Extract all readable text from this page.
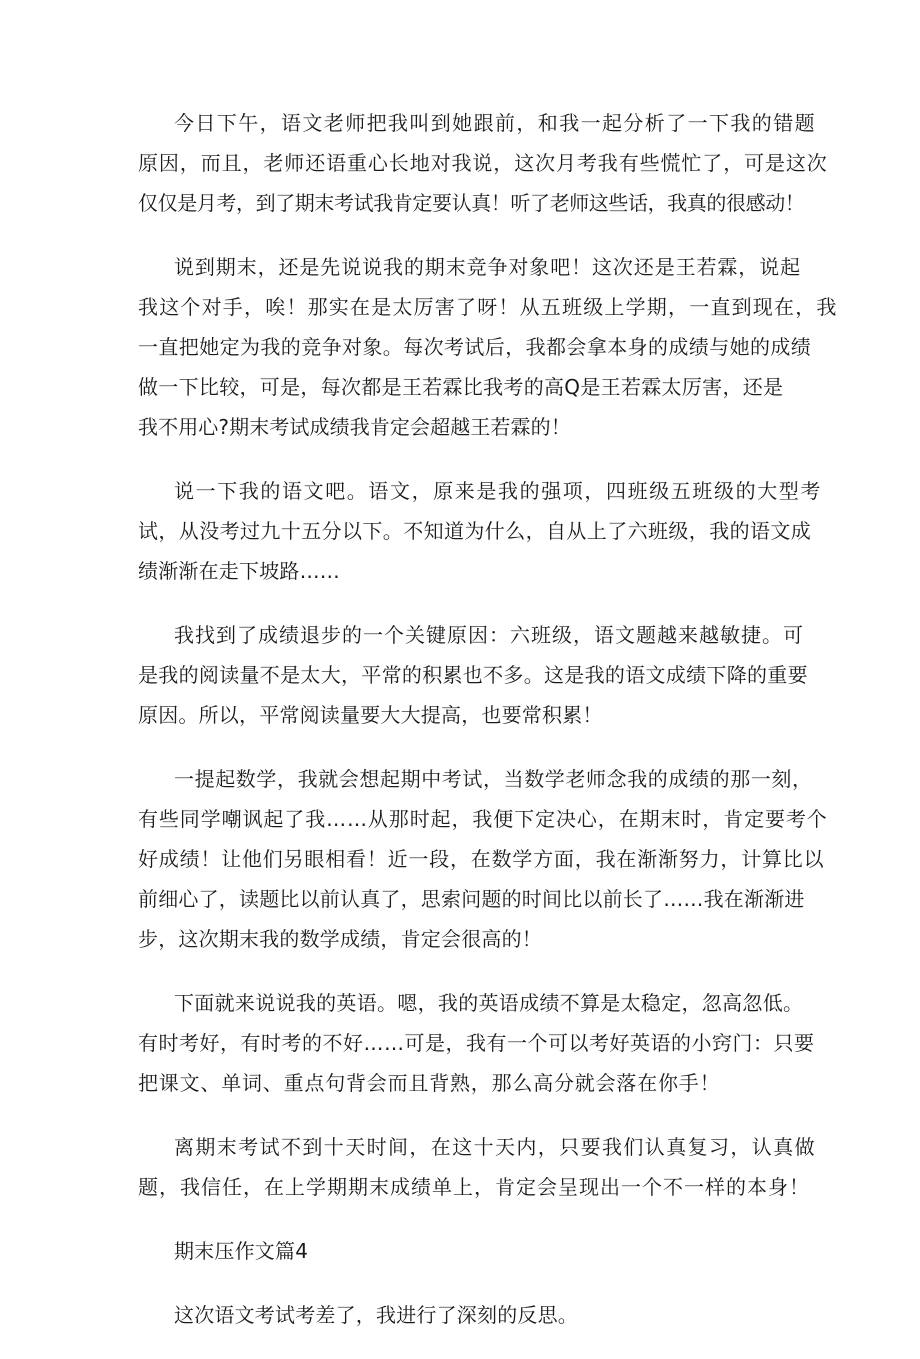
今日下午，语文老师把我叫到她跟前，和我一起分析了一下我的错题
原因，而且，老师还语重心长地对我说，这次月考我有些慌忙了，可是这次
仅仅是月考，到了期末考试我肯定要认真！听了老师这些话，我真的很感动！
说到期末，还是先说说我的期末竞争对象吧！这次还是王若霖，说起
我这个对手，唉！那实在是太厉害了呀！从五班级上学期，一直到现在，我
一直把她定为我的竞争对象。每次考试后，我都会拿本身的成绩与她的成绩
做一下比较，可是，每次都是王若霖比我考的高Q是王若霖太厉害，还是
我不用心?期末考试成绩我肯定会超越王若霖的！
说一下我的语文吧。语文，原来是我的强项，四班级五班级的大型考
试，从没考过九十五分以下。不知道为什么，自从上了六班级，我的语文成
绩渐渐在走下坡路……
我找到了成绩退步的一个关键原因：六班级，语文题越来越敏捷。可
是我的阅读量不是太大，平常的积累也不多。这是我的语文成绩下降的重要
原因。所以，平常阅读量要大大提高，也要常积累！
一提起数学，我就会想起期中考试，当数学老师念我的成绩的那一刻，
有些同学嘲讽起了我……从那时起，我便下定决心，在期末时，肯定要考个
好成绩！让他们另眼相看！近一段，在数学方面，我在渐渐努力，计算比以
前细心了，读题比以前认真了，思索问题的时间比以前长了……我在渐渐进
步，这次期末我的数学成绩，肯定会很高的！
下面就来说说我的英语。嗯，我的英语成绩不算是太稳定，忽高忽低。
有时考好，有时考的不好……可是，我有一个可以考好英语的小窍门：只要
把课文、单词、重点句背会而且背熟，那么高分就会落在你手！
离期末考试不到十天时间，在这十天内，只要我们认真复习，认真做
题，我信任，在上学期期末成绩单上，肯定会呈现出一个不一样的本身！
期末压作文篇4
这次语文考试考差了，我进行了深刻的反思。
